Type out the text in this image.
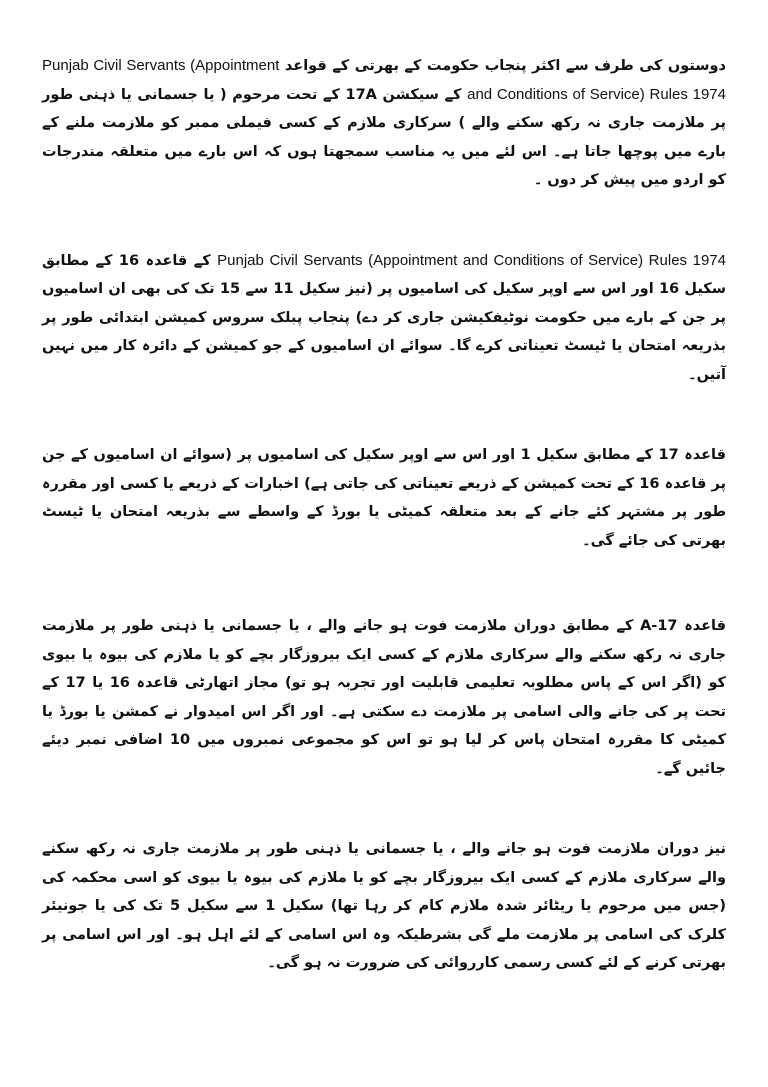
دوستوں کی طرف سے اکثر پنجاب حکومت کے بھرتی کے قواعد Punjab Civil Servants (Appointment and Conditions of Service) Rules 1974 کے سیکشن 17A کے تحت مرحوم ( یا جسمانی یا ذہنی طور پر ملازمت جاری نہ رکھ سکنے والے ) سرکاری ملازم کے کسی فیملی ممبر کو ملازمت ملنے کے بارے میں پوچھا جاتا ہے۔ اس لئے میں یہ مناسب سمجھتا ہوں کہ اس بارے میں متعلقہ مندرجات کو اردو میں پیش کر دوں ۔

Punjab Civil Servants (Appointment and Conditions of Service) Rules 1974 کے قاعدہ 16 کے مطابق سکیل 16 اور اس سے اوپر سکیل کی اسامیوں پر (نیز سکیل 11 سے 15 تک کی بھی ان اسامیوں پر جن کے بارے میں حکومت نوٹیفکیشن جاری کر دے) پنجاب پبلک سروس کمیشن ابتدائی طور پر بذریعہ امتحان یا ٹیسٹ تعیناتی کرے گا۔ سوائے ان اسامیوں کے جو کمیشن کے دائرہ کار میں نہیں آتیں۔

قاعدہ 17 کے مطابق سکیل 1 اور اس سے اوپر سکیل کی اسامیوں پر (سوائے ان اسامیوں کے جن پر قاعدہ 16 کے تحت کمیشن کے ذریعے تعیناتی کی جاتی ہے) اخبارات کے ذریعے یا کسی اور مقررہ طور پر مشتہر کئے جانے کے بعد متعلقہ کمیٹی یا بورڈ کے واسطے سے بذریعہ امتحان یا ٹیسٹ بھرتی کی جائے گی۔

قاعدہ 17-A کے مطابق دوران ملازمت فوت ہو جانے والے ، یا جسمانی یا ذہنی طور پر ملازمت جاری نہ رکھ سکنے والے سرکاری ملازم کے کسی ایک بیروزگار بچے کو یا ملازم کی بیوہ یا بیوی کو (اگر اس کے پاس مطلوبہ تعلیمی قابلیت اور تجربہ ہو تو) مجاز اتھارٹی قاعدہ 16 یا 17 کے تحت پر کی جانے والی اسامی پر ملازمت دے سکتی ہے۔ اور اگر اس امیدوار نے کمشن یا بورڈ یا کمیٹی کا مقررہ امتحان پاس کر لیا ہو تو اس کو مجموعی نمبروں میں 10 اضافی نمبر دیئے جائیں گے۔

نیز دوران ملازمت فوت ہو جانے والے ، یا جسمانی یا ذہنی طور پر ملازمت جاری نہ رکھ سکنے والے سرکاری ملازم کے کسی ایک بیروزگار بچے کو یا ملازم کی بیوہ یا بیوی کو اسی محکمہ کی (جس میں مرحوم یا ریٹائر شدہ ملازم کام کر رہا تھا) سکیل 1 سے سکیل 5 تک کی یا جونیئر کلرک کی اسامی پر ملازمت ملے گی بشرطیکہ وہ اس اسامی کے لئے اہل ہو۔ اور اس اسامی پر بھرتی کرنے کے لئے کسی رسمی کارروائی کی ضرورت نہ ہو گی۔
